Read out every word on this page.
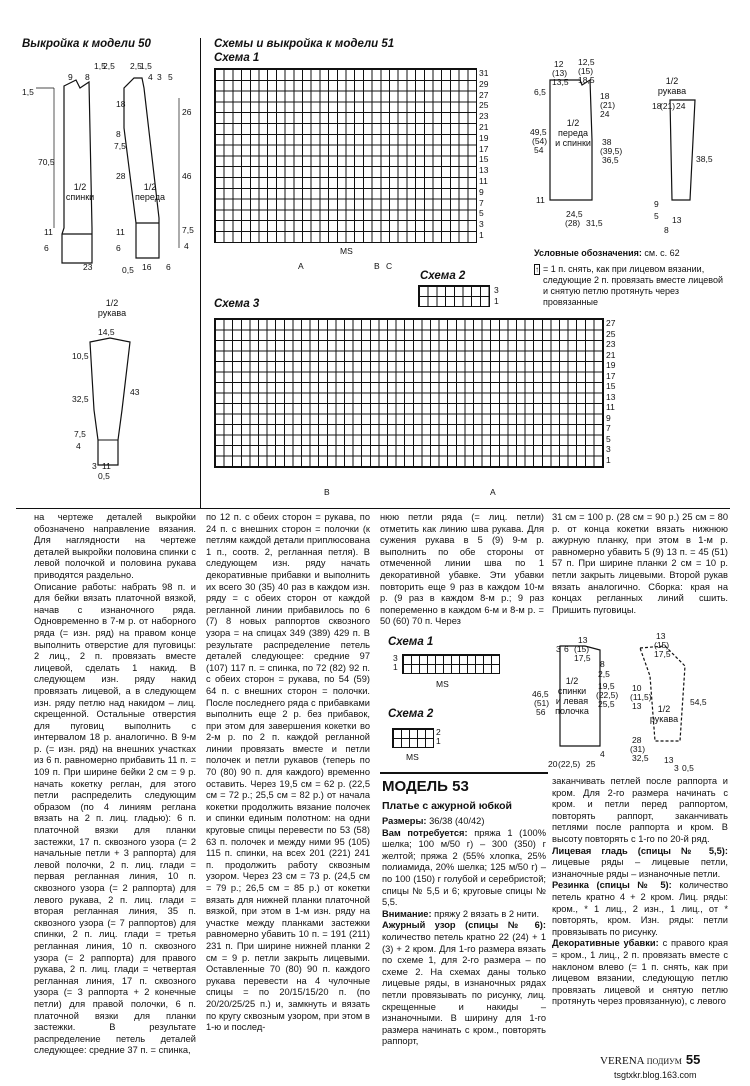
Выкройка к модели 50
9 8
1,5
2,5 2,5
1,5
4 3 5
1,5
70,5
11
6
18
8
7,5
28
11
6
26
46
7,5
4
1/2
спинки
1/2
переда
23	0,5 16 6
1/2
рукава
14,5
10,5
32,5
43
7,5
4
3 11
0,5
Схемы и выкройка к модели 51
Схема 1
31
29
27
25
23
21
19
17
15
13
11
9
7
5
3
1
MS
A	B C
Схема 2
3
1
Схема 3
27
25
23
21
19
17
15
13
11
9
7
5
3
1
B	A
12
(13)
13,5
12,5
(15)
18,5
6,5
49,5
(54)
54
18
(21)
24
38
(39,5)
36,5
11
24,5
(28) 31,5
18
(21) 24
38,5
9
5 13
8
1/2
переда
и спинки
1/2
рукава
Условные обозначения: см. с. 62
↑ = 1 п. снять, как при лицевом вязании, следующие 2 п. провязать вместе лицевой и снятую петлю протянуть через провязанные

на чертеже деталей выкройки обозначено направление вязания. Для наглядности на чертеже деталей выкройки половина спинки с левой полочкой и половина рукава приводятся раздельно.

Описание работы: набрать 98 п. и для бейки вязать платочной вязкой, начав с изнаночного ряда. Одновременно в 7-м р. от наборного ряда (= изн. ряд) на правом конце выполнить отверстие для пуговицы: 2 лиц., 2 п. провязать вместе лицевой, сделать 1 накид. В следующем изн. ряду накид провязать лицевой, а в следующем изн. ряду петлю над накидом – лиц. скрещенной. Остальные отверстия для пуговиц выполнить с интервалом 18 р. аналогично. В 9-м р. (= изн. ряд) на внешних участках из 6 п. равномерно прибавить 11 п. = 109 п. При ширине бейки 2 см = 9 р. начать кокетку реглан, для этого петли распределить следующим образом (по 4 линиям реглана вязать на 2 п. лиц. гладью): 6 п. платочной вязки для планки застежки, 17 п. сквозного узора (= 2 начальные петли + 3 раппорта) для левой полочки, 2 п. лиц. глади = первая регланная линия, 10 п. сквозного узора (= 2 раппорта) для левого рукава, 2 п. лиц. глади = вторая регланная линия, 35 п. сквозного узора (= 7 раппортов) для спинки, 2 п. лиц. глади = третья регланная линия, 10 п. сквозного узора (= 2 раппорта) для правого рукава, 2 п. лиц. глади = четвертая регланная линия, 17 п. сквозного узора (= 3 раппорта + 2 конечные петли) для правой полочки, 6 п. платочной вязки для планки застежки. В результате распределение петель деталей следующее: средние 37 п. = спинка,

по 12 п. с обеих сторон = рукава, по 24 п. с внешних сторон = полочки (к петлям каждой детали приплюсована 1 п., соотв. 2, регланная петля). В следующем изн. ряду начать декоративные прибавки и выполнить их всего 30 (35) 40 раз в каждом изн. ряду = с обеих сторон от каждой регланной линии прибавилось по 6 (7) 8 новых раппортов сквозного узора = на спицах 349 (389) 429 п. В результате распределение петель деталей следующее: средние 97 (107) 117 п. = спинка, по 72 (82) 92 п. с обеих сторон = рукава, по 54 (59) 64 п. с внешних сторон = полочки. После последнего ряда с прибавками выполнить еще 2 р. без прибавок, при этом для завершения кокетки во 2-м р. по 2 п. каждой регланной линии провязать вместе и петли полочек и петли рукавов (теперь по 70 (80) 90 п. для каждого) временно оставить. Через 19,5 см = 62 р. (22,5 см = 72 р.; 25,5 см = 82 р.) от начала кокетки продолжить вязание полочек и спинки единым полотном: на одни круговые спицы перевести по 53 (58) 63 п. полочек и между ними 95 (105) 115 п. спинки, на всех 201 (221) 241 п. продолжить работу сквозным узором. Через 23 см = 73 р. (24,5 см = 79 р.; 26,5 см = 85 р.) от кокетки вязать для нижней планки платочной вязкой, при этом в 1-м изн. ряду на участке между планками застежки равномерно убавить 10 п. = 191 (211) 231 п. При ширине нижней планки 2 см = 9 р. петли закрыть лицевыми. Оставленные 70 (80) 90 п. каждого рукава перевести на 4 чулочные спицы = по 20/15/15/20 п. (по 20/20/25/25 п.) и, замкнуть и вязать по кругу сквозным узором, при этом в 1-ю и послед-

нюю петли ряда (= лиц. петли) отметить как линию шва рукава. Для сужения рукава в 5 (9) 9-м р. выполнить по обе стороны от отмеченной линии шва по 1 декоративной убавке. Эти убавки повторить еще 9 раз в каждом 10-м р. (9 раз в каждом 8-м р.; 9 раз попеременно в каждом 6-м и 8-м р. = 50 (60) 70 п. Через

31 см = 100 р. (28 см = 90 р.) 25 см = 80 р. от конца кокетки вязать нижнюю ажурную планку, при этом в 1-м р. равномерно убавить 5 (9) 13 п. = 45 (51) 57 п. При ширине планки 2 см = 10 р. петли закрыть лицевыми. Второй рукав вязать аналогично. Сборка: края на концах регланных линий сшить. Пришить пуговицы.

Схема 1
3
1
MS
Схема 2
2
1
MS
13
(15)
17,5
3 6
8
2,5
19,5
(22,5)
25,5
46,5
(51)
56
4
20 (22,5) 25
13
(15)
17,5
10
(11,5)
13	54,5
28
(31)
32,5 13
3 0,5
1/2
спинки
и левая
полочка	1/2
рукава
МОДЕЛЬ 53
Платье с ажурной юбкой

Размеры: 36/38 (40/42)

Вам потребуется: пряжа 1 (100% шелка; 100 м/50 г) – 300 (350) г желтой; пряжа 2 (55% хлопка, 25% полиамида, 20% шелка; 125 м/50 г) – по 100 (150) г голубой и серебристой; спицы № 5,5 и 6; круговые спицы № 5,5.

Внимание: пряжу 2 вязать в 2 нити.

Ажурный узор (спицы № 6): количество петель кратно 22 (24) + 1 (3) + 2 кром. Для 1-го размера вязать по схеме 1, для 2-го размера – по схеме 2. На схемах даны только лицевые ряды, в изнаночных рядах петли провязывать по рисунку, лиц. скрещенные и накиды – изнаночными. В ширину для 1-го размера начинать с кром., повторять раппорт,

заканчивать петлей после раппорта и кром. Для 2-го размера начинать с кром. и петли перед раппортом, повторять раппорт, заканчивать петлями после раппорта и кром. В высоту повторять с 1-го по 20-й ряд.

Лицевая гладь (спицы № 5,5): лицевые ряды – лицевые петли, изнаночные ряды – изнаночные петли.

Резинка (спицы № 5): количество петель кратно 4 + 2 кром. Лиц. ряды: кром., * 1 лиц., 2 изн., 1 лиц., от * повторять, кром. Изн. ряды: петли провязывать по рисунку.

Декоративные убавки: с правого края = кром., 1 лиц., 2 п. провязать вместе с наклоном влево (= 1 п. снять, как при лицевом вязании, следующую петлю провязать лицевой и снятую петлю протянуть через провязанную), с левого

VERENA подиум 55
tsgtxkr.blog.163.com
